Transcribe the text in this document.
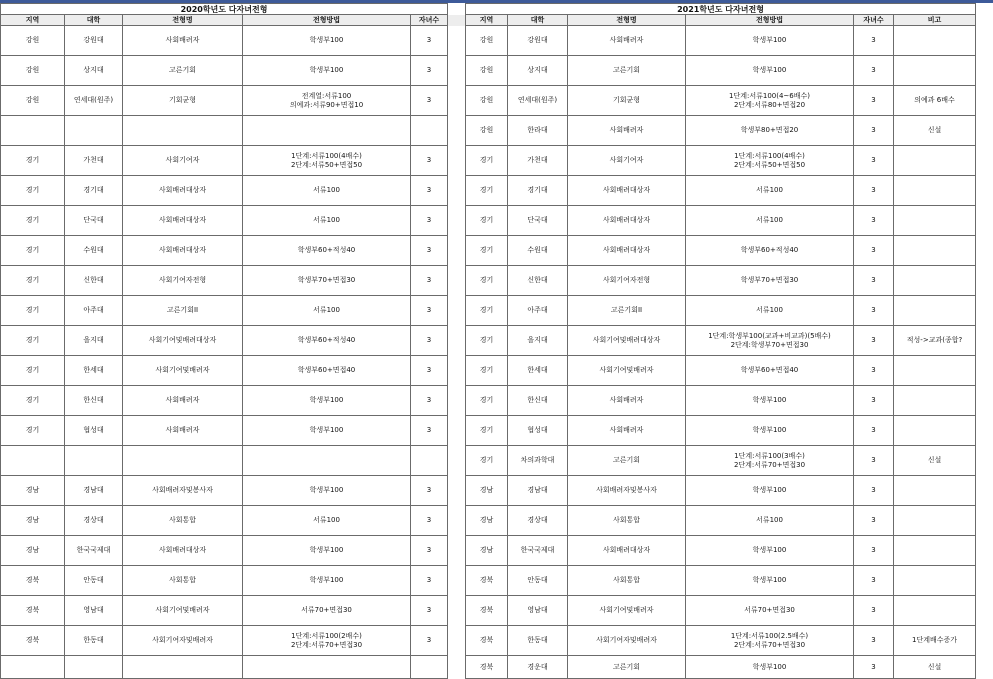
2020학년도 다자녀전형						2021학년도 다자녀전형					
지역	대학	전형명	전형방법	자녀수		지역	대학	전형명	전형방법	자녀수	비고
강원	강원대	사회배려자	학생부100	3		강원	강원대	사회배려자	학생부100	3	
강원	상지대	고른기회	학생부100	3		강원	상지대	고른기회	학생부100	3	
강원	연세대(원주)	기회균형	전계열:서류100
의예과:서류90+면접10	3		강원	연세대(원주)	기회균형	1단계:서류100(4~6배수)
2단계:서류80+면접20	3	의예과 6배수
						강원	한라대	사회배려자	학생부80+면접20	3	신설
경기	가천대	사회기여자	1단계:서류100(4배수)
2단계:서류50+면접50	3		경기	가천대	사회기여자	1단계:서류100(4배수)
2단계:서류50+면접50	3	
경기	경기대	사회배려대상자	서류100	3		경기	경기대	사회배려대상자	서류100	3	
경기	단국대	사회배려대상자	서류100	3		경기	단국대	사회배려대상자	서류100	3	
경기	수원대	사회배려대상자	학생부60+적성40	3		경기	수원대	사회배려대상자	학생부60+적성40	3	
경기	신한대	사회기여자전형	학생부70+면접30	3		경기	신한대	사회기여자전형	학생부70+면접30	3	
경기	아주대	고른기회II	서류100	3		경기	아주대	고른기회II	서류100	3	
경기	을지대	사회기여및배려대상자	학생부60+적성40	3		경기	을지대	사회기여및배려대상자	1단계:학생부100(교과+비교과)(5배수)
2단계:학생부70+면접30	3	적성->교과(종합?
경기	한세대	사회기여및배려자	학생부60+면접40	3		경기	한세대	사회기여및배려자	학생부60+면접40	3	
경기	한신대	사회배려자	학생부100	3		경기	한신대	사회배려자	학생부100	3	
경기	협성대	사회배려자	학생부100	3		경기	협성대	사회배려자	학생부100	3	
						경기	차의과학대	고른기회	1단계:서류100(3배수)
2단계:서류70+면접30	3	신설
경남	경남대	사회배려자및봉사자	학생부100	3		경남	경남대	사회배려자및봉사자	학생부100	3	
경남	경상대	사회통합	서류100	3		경남	경상대	사회통합	서류100	3	
경남	한국국제대	사회배려대상자	학생부100	3		경남	한국국제대	사회배려대상자	학생부100	3	
경북	안동대	사회통합	학생부100	3		경북	안동대	사회통합	학생부100	3	
경북	영남대	사회기여및배려자	서류70+면접30	3		경북	영남대	사회기여및배려자	서류70+면접30	3	
경북	한동대	사회기여자및배려자	1단계:서류100(2배수)
2단계:서류70+면접30	3		경북	한동대	사회기여자및배려자	1단계:서류100(2.5배수)
2단계:서류70+면접30	3	1단계배수증가
						경북	경운대	고른기회	학생부100	3	신설
